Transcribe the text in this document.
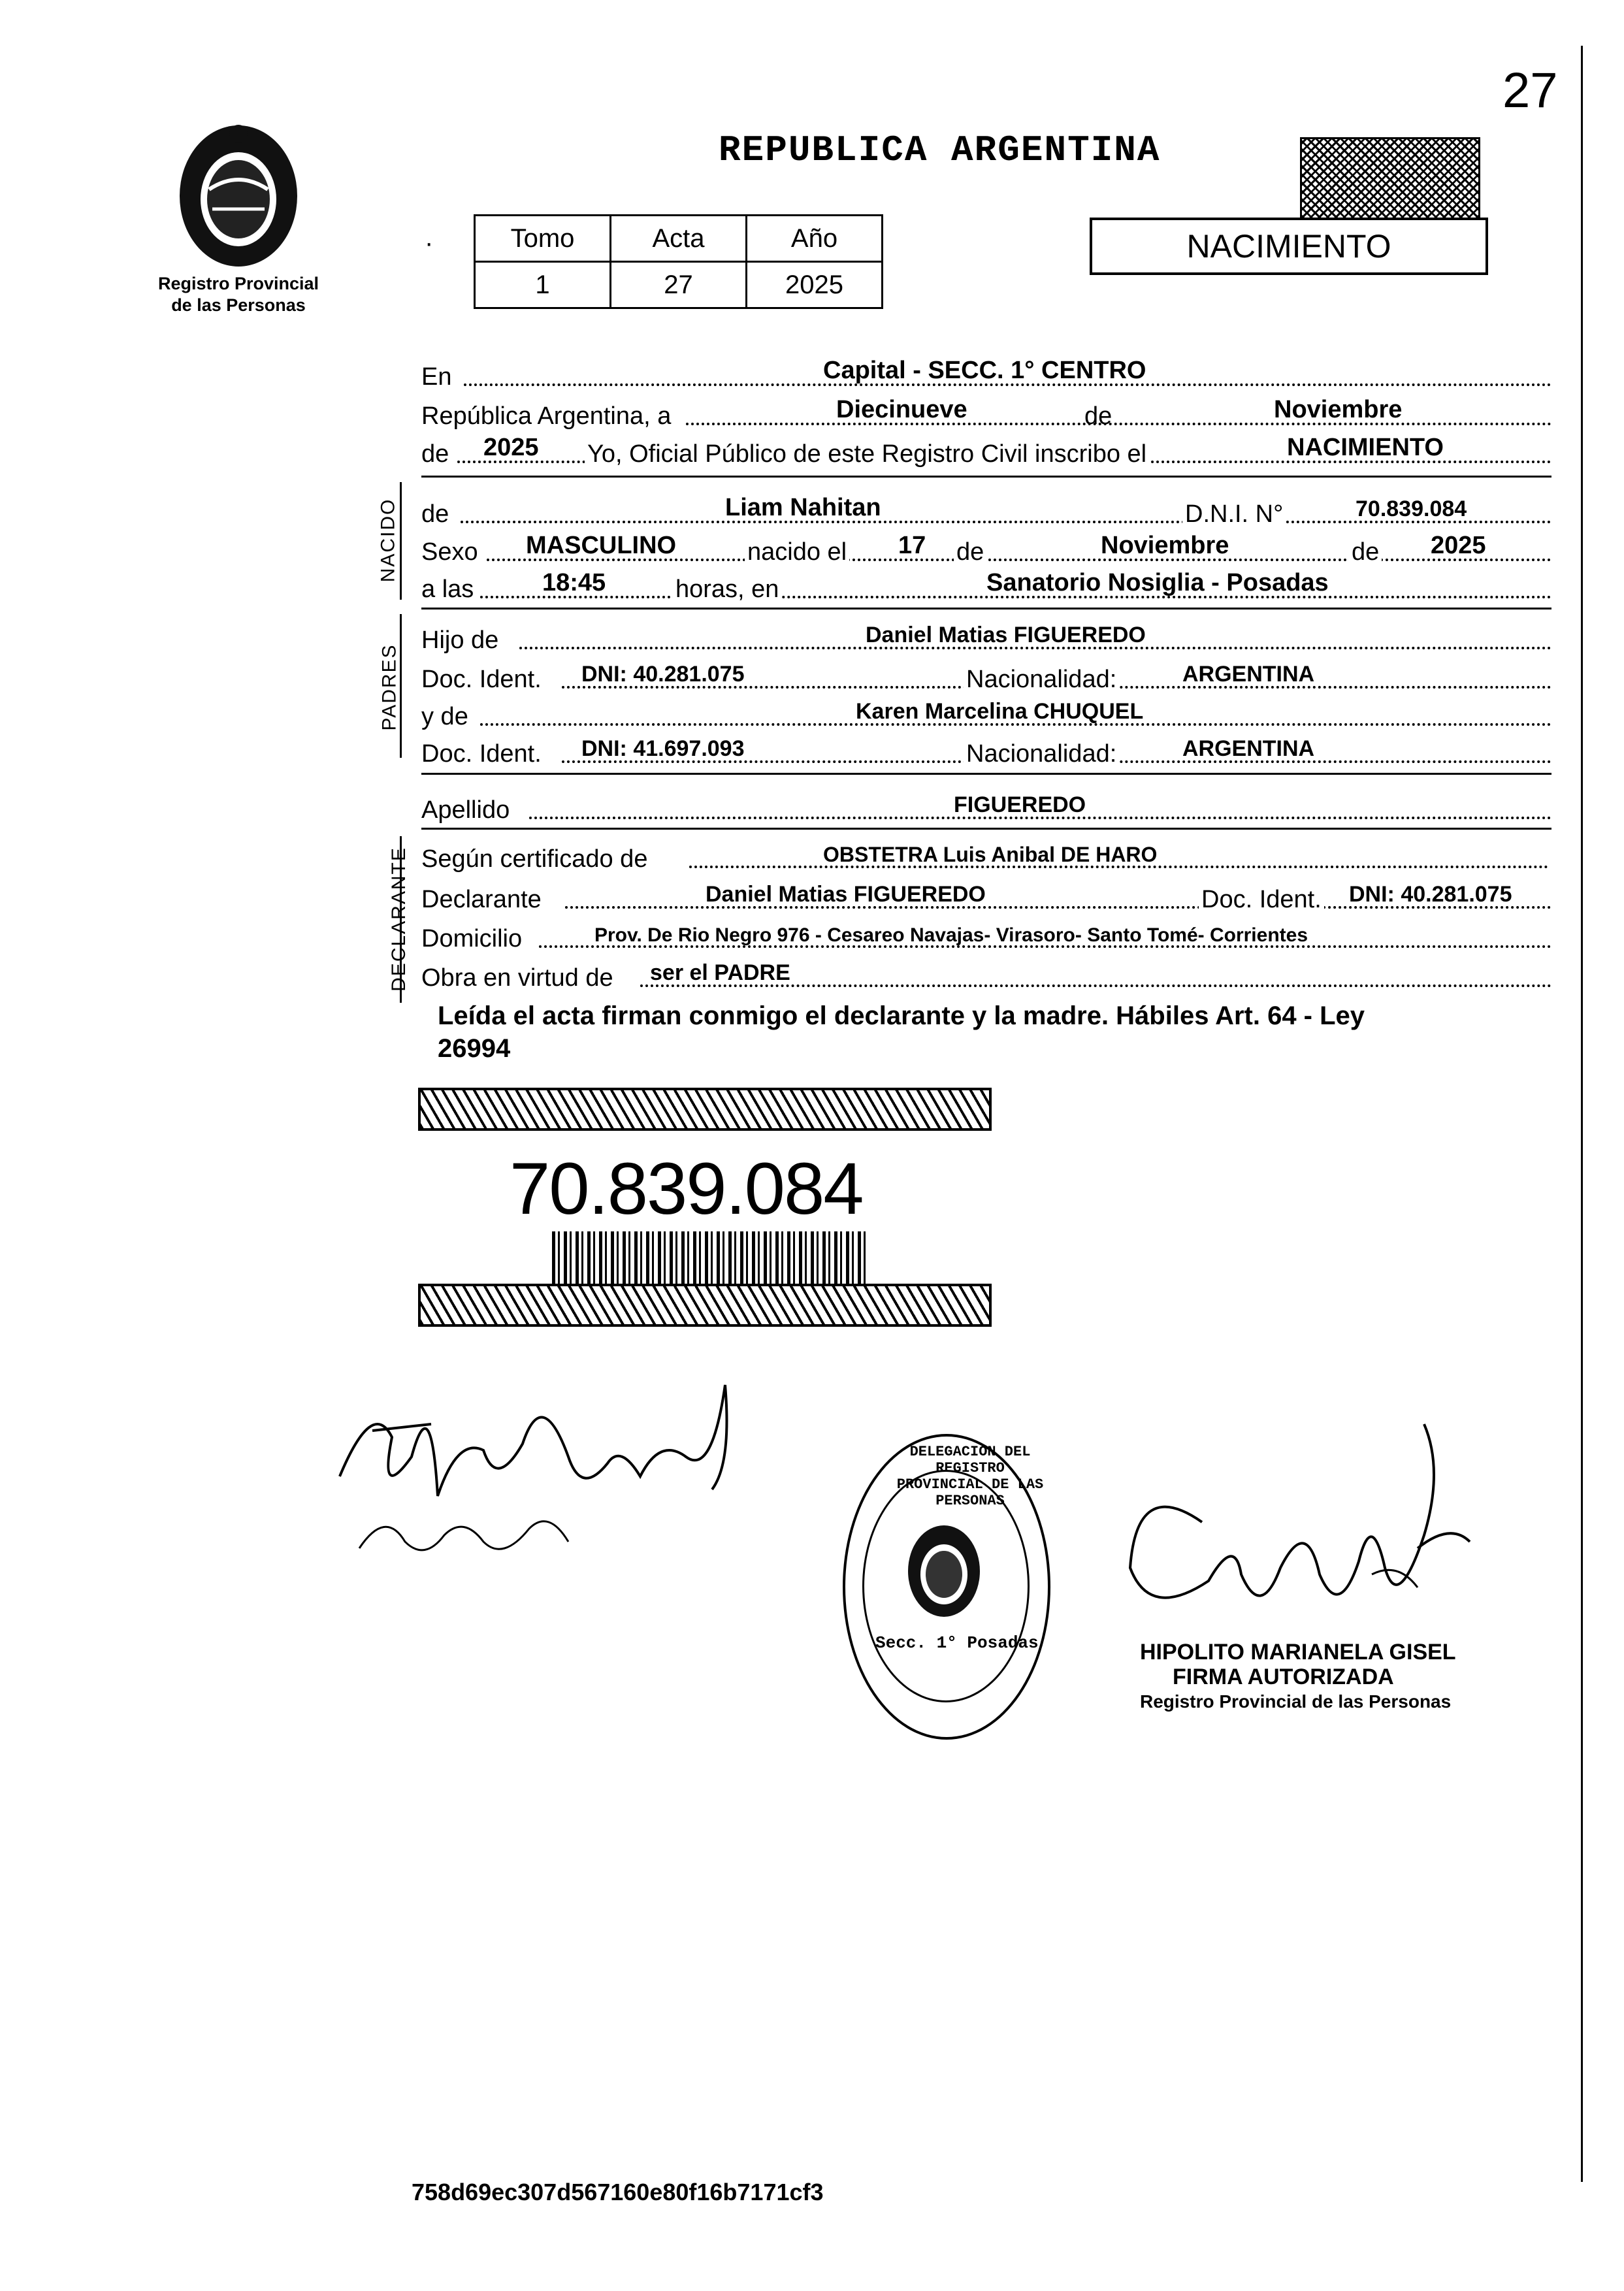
27
Registro Provincial
de las Personas
REPUBLICA ARGENTINA
·	Tomo	Acta	Año
1	27	2025
NACIMIENTO
En	Capital - SECC. 1° CENTRO
República Argentina, a	Diecinueve	de	Noviembre
de 2025 Yo, Oficial Público de este Registro Civil inscribo el	NACIMIENTO
NACIDO de	Liam Nahitan	D.N.I. N°	70.839.084
Sexo MASCULINO	nacido el 17 de	Noviembre	de 2025
a las	18:45	horas, en	Sanatorio Nosiglia - Posadas
PADRES
Hijo de	Daniel Matias FIGUEREDO
Doc. Ident. DNI: 40.281.075	Nacionalidad:	ARGENTINA
y de	Karen Marcelina CHUQUEL
Doc. Ident. DNI: 41.697.093	Nacionalidad:	ARGENTINA
Apellido	FIGUEREDO
DECLARANTE Según certificado de	OBSTETRA Luis Anibal DE HARO
Declarante	Daniel Matias FIGUEREDO	Doc. Ident. DNI: 40.281.075
Domicilio	Prov. De Rio Negro 976 - Cesareo Navajas- Virasoro- Santo Tomé- Corrientes
Obra en virtud de ser el PADRE
Leída el acta firman conmigo el declarante y la madre. Hábiles Art. 64 - Ley
26994
70.839.084
DELEGACION DEL REGISTRO PROVINCIAL DE LAS PERSONAS
Secc. 1° Posadas	HIPOLITO MARIANELA GISEL
FIRMA AUTORIZADA
Registro Provincial de las Personas
758d69ec307d567160e80f16b7171cf3
